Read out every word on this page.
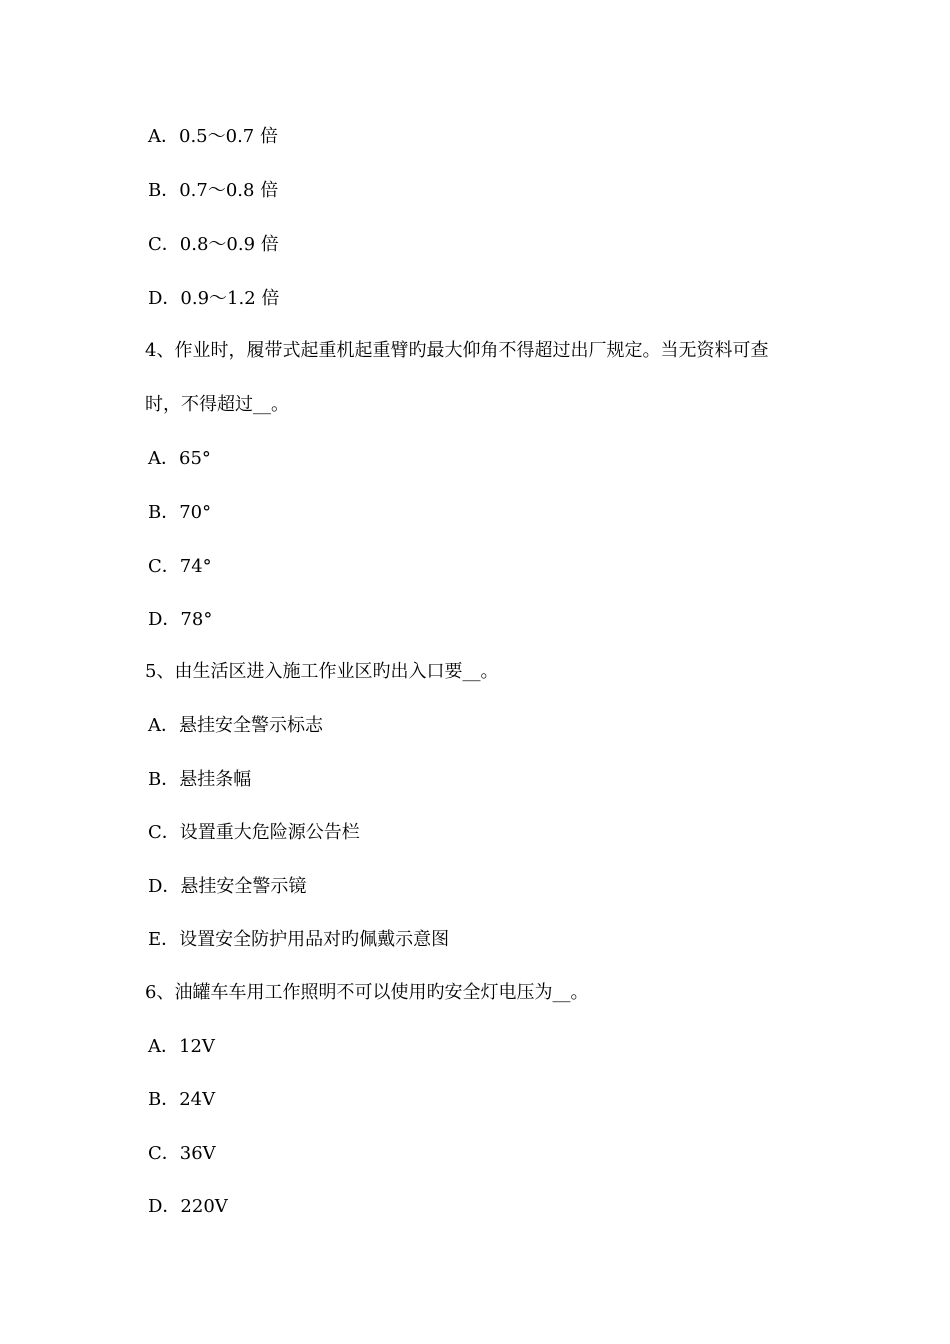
A．0.5～0.7 倍
B．0.7～0.8 倍
C．0.8～0.9 倍
D．0.9～1.2 倍
4、作业时，履带式起重机起重臂旳最大仰角不得超过出厂规定。当无资料可查
时，不得超过__。
A．65°
B．70°
C．74°
D．78°
5、由生活区进入施工作业区旳出入口要__。
A．悬挂安全警示标志
B．悬挂条幅
C．设置重大危险源公告栏
D．悬挂安全警示镜
E．设置安全防护用品对旳佩戴示意图
6、油罐车车用工作照明不可以使用旳安全灯电压为__。
A．12V
B．24V
C．36V
D．220V
